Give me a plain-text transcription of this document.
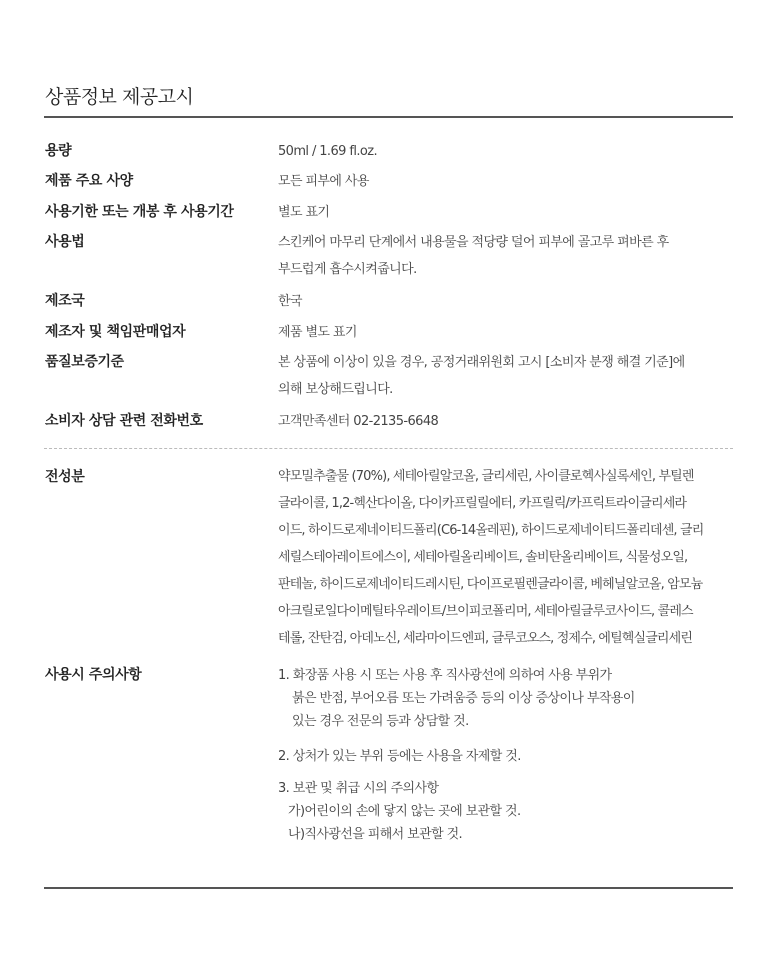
상품정보 제공고시
용량	50ml / 1.69 fl.oz.
제품 주요 사양	모든 피부에 사용
사용기한 또는 개봉 후 사용기간	별도 표기
사용법	스킨케어 마무리 단계에서 내용물을 적당량 덜어 피부에 골고루 펴바른 후
부드럽게 흡수시켜줍니다.
제조국	한국
제조자 및 책임판매업자	제품 별도 표기
품질보증기준	본 상품에 이상이 있을 경우, 공정거래위원회 고시 [소비자 분쟁 해결 기준]에
의해 보상해드립니다.
소비자 상담 관련 전화번호	고객만족센터 02-2135-6648
전성분	약모밀추출물 (70%), 세테아릴알코올, 글리세린, 사이클로헥사실록세인, 부틸렌
글라이콜, 1,2-헥산다이올, 다이카프릴릴에터, 카프릴릭/카프릭트라이글리세라
이드, 하이드로제네이티드폴리(C6-14올레핀), 하이드로제네이티드폴리데센, 글리
세릴스테아레이트에스이, 세테아릴올리베이트, 솔비탄올리베이트, 식물성오일,
판테놀, 하이드로제네이티드레시틴, 다이프로필렌글라이콜, 베헤닐알코올, 암모늄
아크릴로일다이메틸타우레이트/브이피코폴리머, 세테아릴글루코사이드, 콜레스
테롤, 잔탄검, 아데노신, 세라마이드엔피, 글루코오스, 정제수, 에틸헥실글리세린
사용시 주의사항	1. 화장품 사용 시 또는 사용 후 직사광선에 의하여 사용 부위가
붉은 반점, 부어오름 또는 가려움증 등의 이상 증상이나 부작용이
있는 경우 전문의 등과 상담할 것.
2. 상처가 있는 부위 등에는 사용을 자제할 것.
3. 보관 및 취급 시의 주의사항
가)어린이의 손에 닿지 않는 곳에 보관할 것.
나)직사광선을 피해서 보관할 것.
